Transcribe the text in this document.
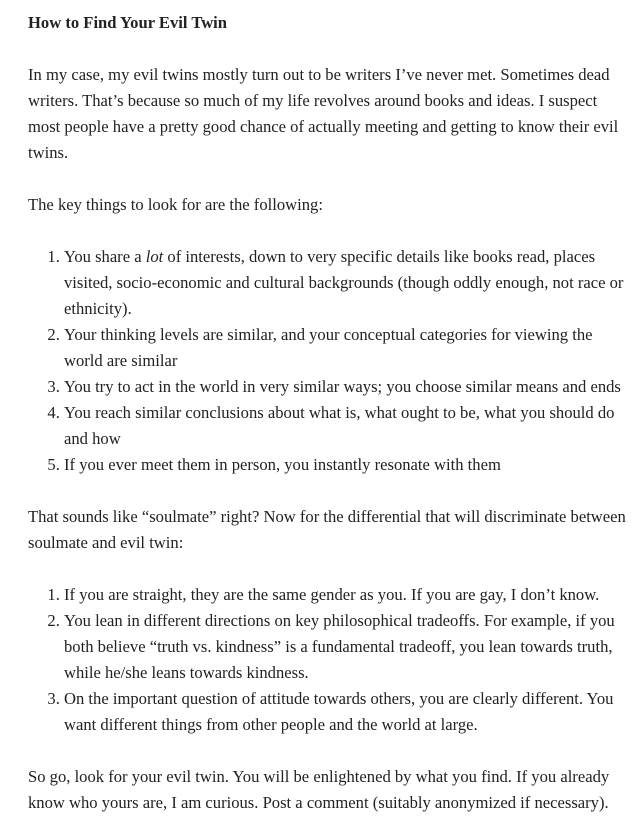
How to Find Your Evil Twin

In my case, my evil twins mostly turn out to be writers I’ve never met. Sometimes dead writers. That’s because so much of my life revolves around books and ideas. I suspect most people have a pretty good chance of actually meeting and getting to know their evil twins.

The key things to look for are the following:

1. You share a lot of interests, down to very specific details like books read, places visited, socio-economic and cultural backgrounds (though oddly enough, not race or ethnicity).
2. Your thinking levels are similar, and your conceptual categories for viewing the world are similar
3. You try to act in the world in very similar ways; you choose similar means and ends
4. You reach similar conclusions about what is, what ought to be, what you should do and how
5. If you ever meet them in person, you instantly resonate with them

That sounds like “soulmate” right? Now for the differential that will discriminate between soulmate and evil twin:

1. If you are straight, they are the same gender as you. If you are gay, I don’t know.
2. You lean in different directions on key philosophical tradeoffs. For example, if you both believe “truth vs. kindness” is a fundamental tradeoff, you lean towards truth, while he/she leans towards kindness.
3. On the important question of attitude towards others, you are clearly different. You want different things from other people and the world at large.

So go, look for your evil twin. You will be enlightened by what you find. If you already know who yours are, I am curious. Post a comment (suitably anonymized if necessary).
